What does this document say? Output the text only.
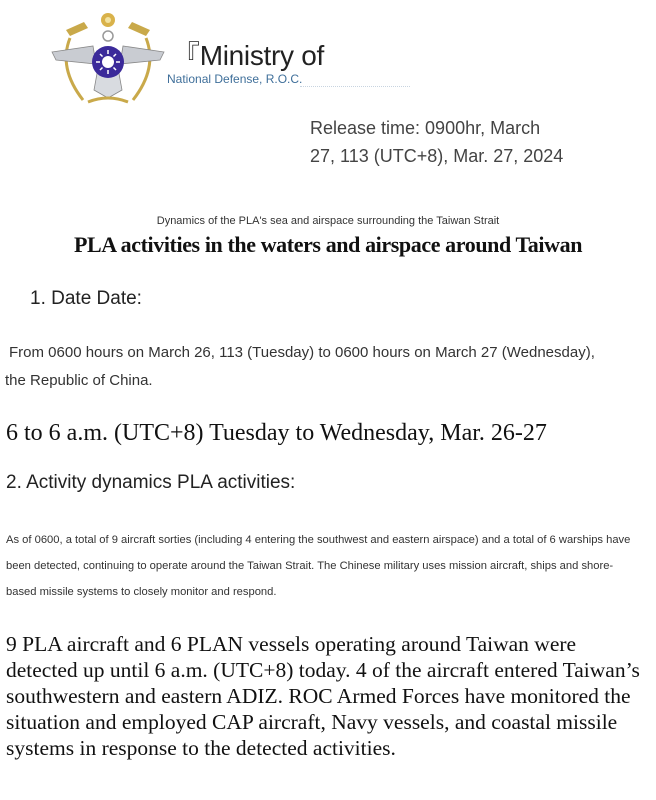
『Ministry of
National Defense, R.O.C.
Release time: 0900hr, March
27, 113 (UTC+8), Mar. 27, 2024
Dynamics of the PLA's sea and airspace surrounding the Taiwan Strait
PLA activities in the waters and airspace around Taiwan
1. Date Date:
From 0600 hours on March 26, 113 (Tuesday) to 0600 hours on March 27 (Wednesday),
the Republic of China.
6 to 6 a.m. (UTC+8) Tuesday to Wednesday, Mar. 26-27
2. Activity dynamics PLA activities:
As of 0600, a total of 9 aircraft sorties (including 4 entering the southwest and eastern airspace) and a total of 6 warships have been detected, continuing to operate around the Taiwan Strait. The Chinese military uses mission aircraft, ships and shore-based missile systems to closely monitor and respond.
9 PLA aircraft and 6 PLAN vessels operating around Taiwan were detected up until 6 a.m. (UTC+8) today. 4 of the aircraft entered Taiwan’s southwestern and eastern ADIZ. ROC Armed Forces have monitored the situation and employed CAP aircraft, Navy vessels, and coastal missile systems in response to the detected activities.
